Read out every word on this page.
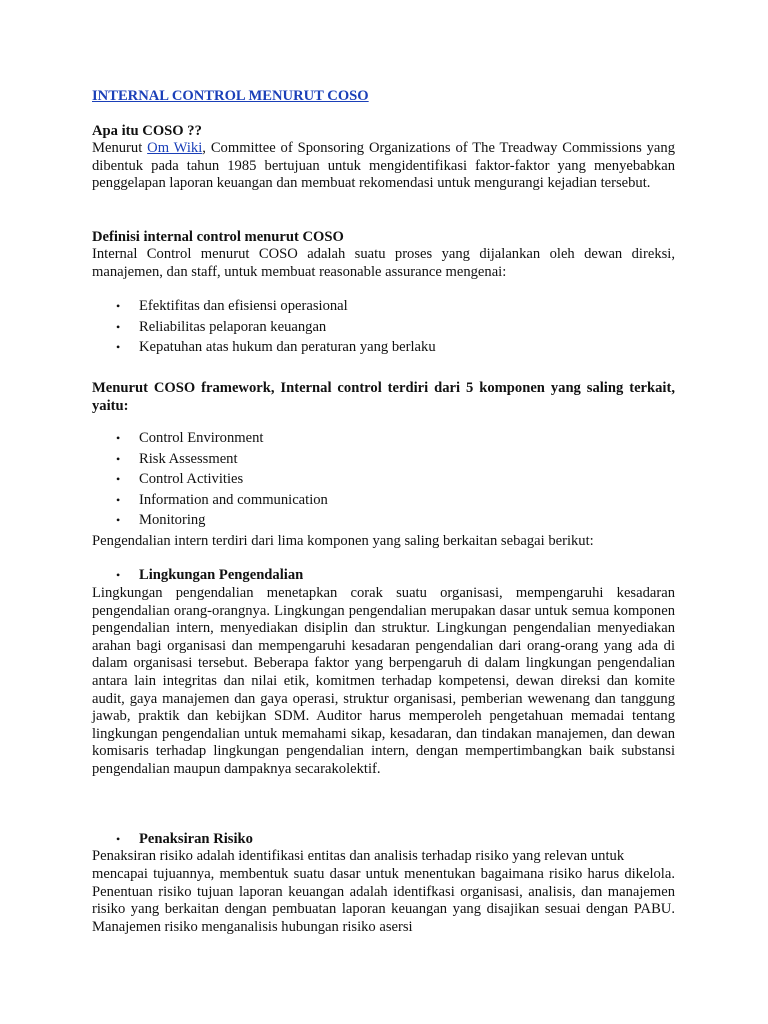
INTERNAL CONTROL MENURUT COSO

Apa itu COSO ??

Menurut Om Wiki, Committee of Sponsoring Organizations of The Treadway Commissions yang dibentuk pada tahun 1985 bertujuan untuk mengidentifikasi faktor-faktor yang menyebabkan penggelapan laporan keuangan dan membuat rekomendasi untuk mengurangi kejadian tersebut.

Definisi internal control menurut COSO

Internal Control menurut COSO adalah suatu proses yang dijalankan oleh dewan direksi, manajemen, dan staff, untuk membuat reasonable assurance mengenai:

• Efektifitas dan efisiensi operasional
• Reliabilitas pelaporan keuangan
• Kepatuhan atas hukum dan peraturan yang berlaku

Menurut COSO framework, Internal control terdiri dari 5 komponen yang saling terkait, yaitu:

• Control Environment
• Risk Assessment
• Control Activities
• Information and communication
• Monitoring

Pengendalian intern terdiri dari lima komponen yang saling berkaitan sebagai berikut:

• Lingkungan Pengendalian

Lingkungan pengendalian menetapkan corak suatu organisasi, mempengaruhi kesadaran pengendalian orang-orangnya. Lingkungan pengendalian merupakan dasar untuk semua komponen pengendalian intern, menyediakan disiplin dan struktur. Lingkungan pengendalian menyediakan arahan bagi organisasi dan mempengaruhi kesadaran pengendalian dari orang-orang yang ada di dalam organisasi tersebut. Beberapa faktor yang berpengaruh di dalam lingkungan pengendalian antara lain integritas dan nilai etik, komitmen terhadap kompetensi, dewan direksi dan komite audit, gaya manajemen dan gaya operasi, struktur organisasi, pemberian wewenang dan tanggung jawab, praktik dan kebijkan SDM. Auditor harus memperoleh pengetahuan memadai tentang lingkungan pengendalian untuk memahami sikap, kesadaran, dan tindakan manajemen, dan dewan komisaris terhadap lingkungan pengendalian intern, dengan mempertimbangkan baik substansi pengendalian maupun dampaknya secarakolektif.

• Penaksiran Risiko

Penaksiran risiko adalah identifikasi entitas dan analisis terhadap risiko yang relevan untuk

mencapai tujuannya, membentuk suatu dasar untuk menentukan bagaimana risiko harus dikelola. Penentuan risiko tujuan laporan keuangan adalah identifkasi organisasi, analisis, dan manajemen risiko yang berkaitan dengan pembuatan laporan keuangan yang disajikan sesuai dengan PABU. Manajemen risiko menganalisis hubungan risiko asersi
